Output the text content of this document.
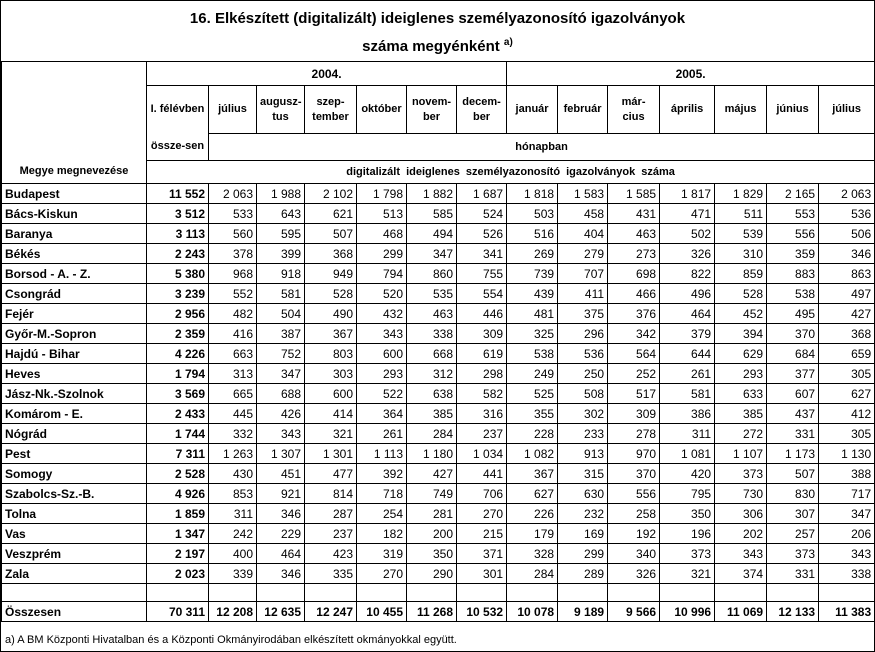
16. Elkészített (digitalizált) ideiglenes személyazonosító igazolványok
száma megyénként $^{a)}$
	2004.							2005.						
Megye megnevezése	I. félévben	július	augusz-tus	szep-tember	október	novem-ber	decem-ber	január	február	már-cius	április	május	június	július
	össze-sen	hónapban												
	digitalizált ideiglenes személyazonosító igazolványok száma													
Budapest	11 552	2 063	1 988	2 102	1 798	1 882	1 687	1 818	1 583	1 585	1 817	1 829	2 165	2 063
Bács-Kiskun	3 512	533	643	621	513	585	524	503	458	431	471	511	553	536
Baranya	3 113	560	595	507	468	494	526	516	404	463	502	539	556	506
Békés	2 243	378	399	368	299	347	341	269	279	273	326	310	359	346
Borsod - A. - Z.	5 380	968	918	949	794	860	755	739	707	698	822	859	883	863
Csongrád	3 239	552	581	528	520	535	554	439	411	466	496	528	538	497
Fejér	2 956	482	504	490	432	463	446	481	375	376	464	452	495	427
Győr-M.-Sopron	2 359	416	387	367	343	338	309	325	296	342	379	394	370	368
Hajdú - Bihar	4 226	663	752	803	600	668	619	538	536	564	644	629	684	659
Heves	1 794	313	347	303	293	312	298	249	250	252	261	293	377	305
Jász-Nk.-Szolnok	3 569	665	688	600	522	638	582	525	508	517	581	633	607	627
Komárom - E.	2 433	445	426	414	364	385	316	355	302	309	386	385	437	412
Nógrád	1 744	332	343	321	261	284	237	228	233	278	311	272	331	305
Pest	7 311	1 263	1 307	1 301	1 113	1 180	1 034	1 082	913	970	1 081	1 107	1 173	1 130
Somogy	2 528	430	451	477	392	427	441	367	315	370	420	373	507	388
Szabolcs-Sz.-B.	4 926	853	921	814	718	749	706	627	630	556	795	730	830	717
Tolna	1 859	311	346	287	254	281	270	226	232	258	350	306	307	347
Vas	1 347	242	229	237	182	200	215	179	169	192	196	202	257	206
Veszprém	2 197	400	464	423	319	350	371	328	299	340	373	343	373	343
Zala	2 023	339	346	335	270	290	301	284	289	326	321	374	331	338

Összesen	70 311	12 208	12 635	12 247	10 455	11 268	10 532	10 078	9 189	9 566	10 996	11 069	12 133	11 383
a) A BM Központi Hivatalban és a Központi Okmányirodában elkészített okmányokkal együtt.
